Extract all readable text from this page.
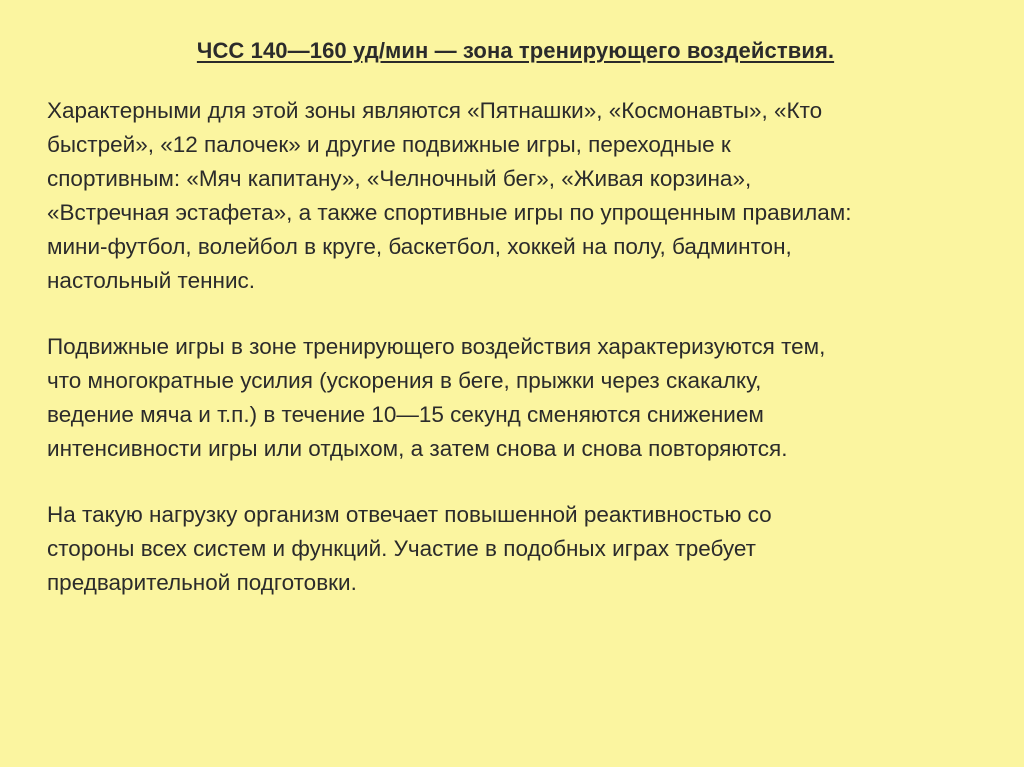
ЧСС 140—160 уд/мин — зона тренирующего воздействия.

Характерными для этой зоны являются «Пятнашки», «Космонавты», «Кто
быстрей», «12 палочек» и другие подвижные игры, переходные к
спортивным: «Мяч капитану», «Челночный бег», «Живая корзина»,
«Встречная эстафета», а также спортивные игры по упрощенным правилам:
мини-футбол, волейбол в круге, баскетбол, хоккей на полу, бадминтон,
настольный теннис.

Подвижные игры в зоне тренирующего воздействия характеризуются тем,
что многократные усилия (ускорения в беге, прыжки через скакалку,
ведение мяча и т.п.) в течение 10—15 секунд сменяются снижением
интенсивности игры или отдыхом, а затем снова и снова повторяются.

На такую нагрузку организм отвечает повышенной реактивностью со
стороны всех систем и функций. Участие в подобных играх требует
предварительной подготовки.
